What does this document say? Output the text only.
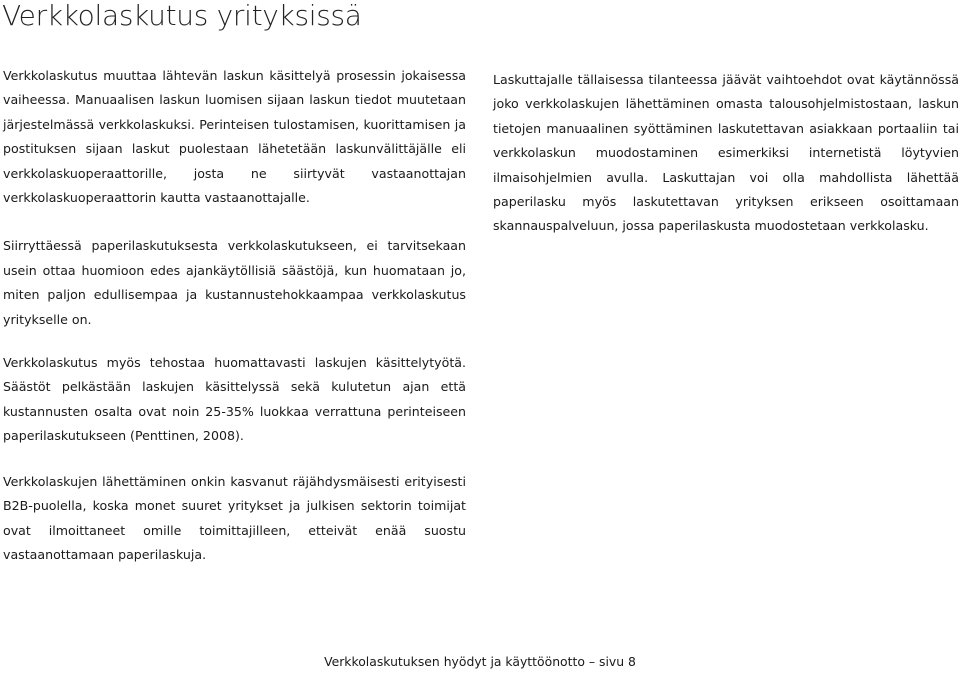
Verkkolaskutus yrityksissä

Verkkolaskutus muuttaa lähtevän laskun käsittelyä prosessin jokaisessa vaiheessa. Manuaalisen laskun luomisen sijaan laskun tiedot muutetaan järjestelmässä verkkolaskuksi. Perinteisen tulostamisen, kuorittamisen ja postituksen sijaan laskut puolestaan lähetetään laskunvälittäjälle eli verkkolaskuoperaattorille, josta ne siirtyvät vastaanottajan verkkolaskuoperaattorin kautta vastaanottajalle.

Siirryttäessä paperilaskutuksesta verkkolaskutukseen, ei tarvitsekaan usein ottaa huomioon edes ajankäytöllisiä säästöjä, kun huomataan jo, miten paljon edullisempaa ja kustannustehokkaampaa verkkolaskutus yritykselle on.

Verkkolaskutus myös tehostaa huomattavasti laskujen käsittelytyötä. Säästöt pelkästään laskujen käsittelyssä sekä kulutetun ajan että kustannusten osalta ovat noin 25-35% luokkaa verrattuna perinteiseen paperilaskutukseen (Penttinen, 2008).

Verkkolaskujen lähettäminen onkin kasvanut räjähdysmäisesti erityisesti B2B-puolella, koska monet suuret yritykset ja julkisen sektorin toimijat ovat ilmoittaneet omille toimittajilleen, etteivät enää suostu vastaanottamaan paperilaskuja.

Laskuttajalle tällaisessa tilanteessa jäävät vaihtoehdot ovat käytännössä joko verkkolaskujen lähettäminen omasta talousohjelmistostaan, laskun tietojen manuaalinen syöttäminen laskutettavan asiakkaan portaaliin tai verkkolaskun muodostaminen esimerkiksi internetistä löytyvien ilmaisohjelmien avulla. Laskuttajan voi olla mahdollista lähettää paperilasku myös laskutettavan yrityksen erikseen osoittamaan skannauspalveluun, jossa paperilaskusta muodostetaan verkkolasku.

Verkkolaskutuksen hyödyt ja käyttöönotto – sivu 8
